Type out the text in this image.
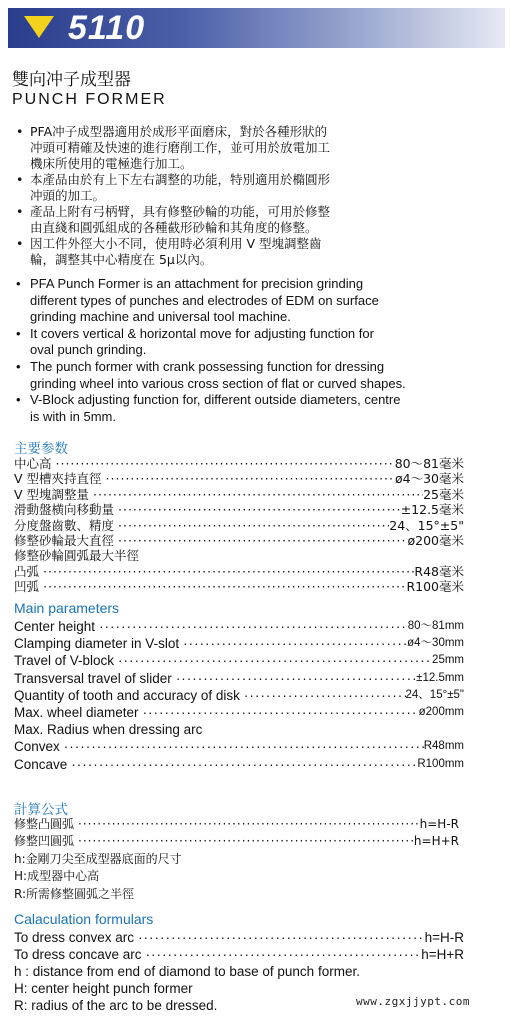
5110
雙向冲子成型器
PUNCH FORMER
• PFA冲子成型器適用於成形平面磨床，對於各種形狀的
冲頭可精確及快速的進行磨削工作，並可用於放電加工
機床所使用的電極進行加工。
• 本產品由於有上下左右調整的功能，特別適用於橢圓形
冲頭的加工。
• 產品上附有弓柄臂，具有修整砂輪的功能，可用於修整
由直綫和圓弧組成的各種截形砂輪和其角度的修整。
• 因工件外徑大小不同，使用時必須利用 V 型塊調整齒
輪，調整其中心精度在 5μ以內。
• PFA Punch Former is an attachment for precision grinding
different types of punches and electrodes of EDM on surface
grinding machine and universal tool machine.
• It covers vertical & horizontal move for adjusting function for
oval punch grinding.
• The punch former with crank possessing function for dressing
grinding wheel into various cross section of flat or curved shapes.
• V-Block adjusting function for, different outside diameters, centre
is with in 5mm.
主要参数
中心高 ·····	80～81毫米
V 型槽夾持直徑 ·····	ø4～30毫米
V 型塊調整量 ·····	25毫米
滑動盤横向移動量 ·····	±12.5毫米
分度盤齒數、精度 ·····	24、15°±5"
修整砂輪最大直徑 ·····	ø200毫米
修整砂輪圓弧最大半徑
凸弧 ·····	R48毫米
凹弧 ·····	R100毫米
Main parameters
Center height ·····	80～81mm
Clamping diameter in V-slot ·····	ø4～30mm
Travel of V-block ·····	25mm
Transversal travel of slider ·····	±12.5mm
Quantity of tooth and accuracy of disk ·····	24、15°±5"
Max. wheel diameter ·····	ø200mm
Max. Radius when dressing arc
Convex ·····	R48mm
Concave ·····	R100mm
計算公式
修整凸圓弧 ·····	h=H-R
修整凹圓弧 ·····	h=H+R
h:金剛刀尖至成型器底面的尺寸
H:成型器中心高
R:所需修整圓弧之半徑
Calaculation formulars
To dress convex arc ·····	h=H-R
To dress concave arc ·····	h=H+R
h : distance from end of diamond to base of punch former.
H: center height punch former
R: radius of the arc to be dressed.	www.zgxjjypt.com
